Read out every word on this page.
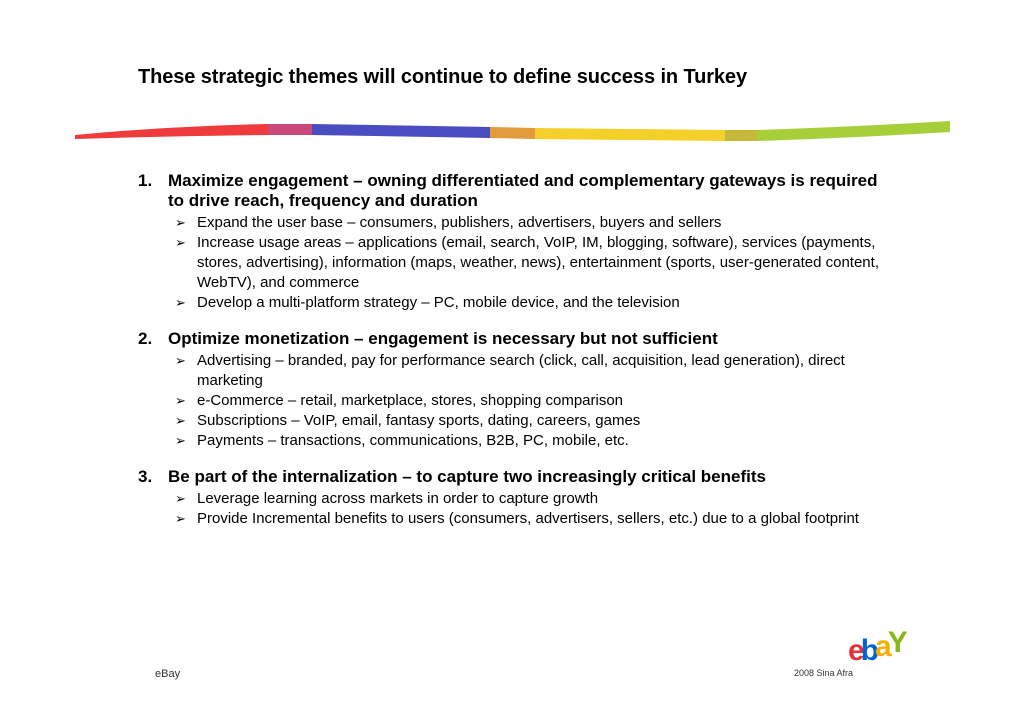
These strategic themes will continue to define success in Turkey
1. Maximize engagement – owning differentiated and complementary gateways is required to drive reach, frequency and duration
➢ Expand the user base – consumers, publishers, advertisers, buyers and sellers
➢ Increase usage areas – applications (email, search, VoIP, IM, blogging, software), services (payments, stores, advertising), information (maps, weather, news), entertainment (sports, user-generated content, WebTV), and commerce
➢ Develop a multi-platform strategy – PC, mobile device, and the television
2. Optimize monetization – engagement is necessary but not sufficient
➢ Advertising – branded, pay for performance search (click, call, acquisition, lead generation), direct marketing
➢ e-Commerce – retail, marketplace, stores, shopping comparison
➢ Subscriptions – VoIP, email, fantasy sports, dating, careers, games
➢ Payments – transactions, communications, B2B, PC, mobile, etc.
3. Be part of the internalization – to capture two increasingly critical benefits
➢ Leverage learning across markets in order to capture growth
➢ Provide Incremental benefits to users (consumers, advertisers, sellers, etc.) due to a global footprint
eBay	2008 Sina Afra
ebaY
